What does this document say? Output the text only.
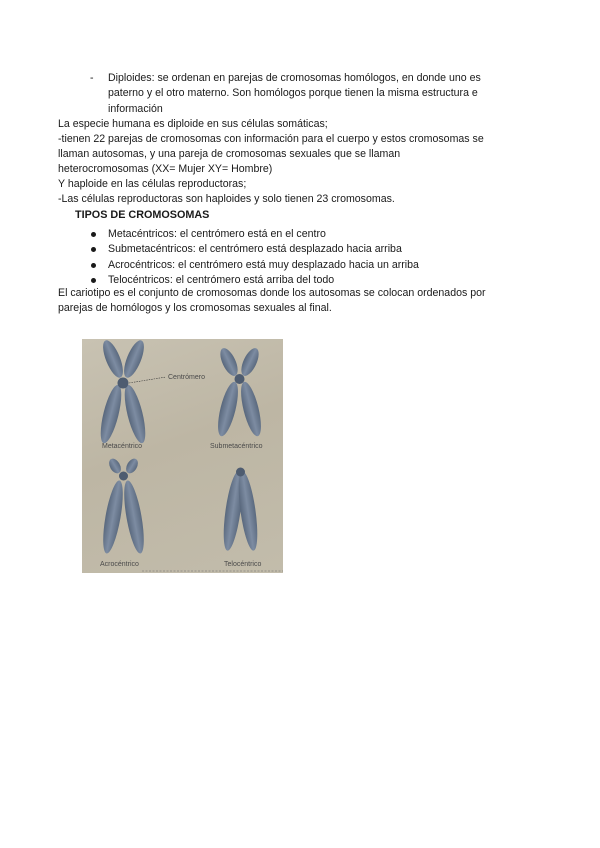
- Diploides: se ordenan en parejas de cromosomas homólogos, en donde uno es
paterno y el otro materno. Son homólogos porque tienen la misma estructura e
información
La especie humana es diploide en sus células somáticas;
-tienen 22 parejas de cromosomas con información para el cuerpo y estos cromosomas se
llaman autosomas, y una pareja de cromosomas sexuales que se llaman
heterocromosomas (XX= Mujer XY= Hombre)
Y haploide en las células reproductoras;
-Las células reproductoras son haploides y solo tienen 23 cromosomas.
TIPOS DE CROMOSOMAS
Metacéntricos: el centrómero está en el centro
Submetacéntricos: el centrómero está desplazado hacia arriba
Acrocéntricos: el centrómero está muy desplazado hacia un arriba
Telocéntricos: el centrómero está arriba del todo
El cariotipo es el conjunto de cromosomas donde los autosomas se colocan ordenados por
parejas de homólogos y los cromosomas sexuales al final.
Centrómero
Metacéntrico	Submetacéntrico
Acrocéntrico	Telocéntrico
